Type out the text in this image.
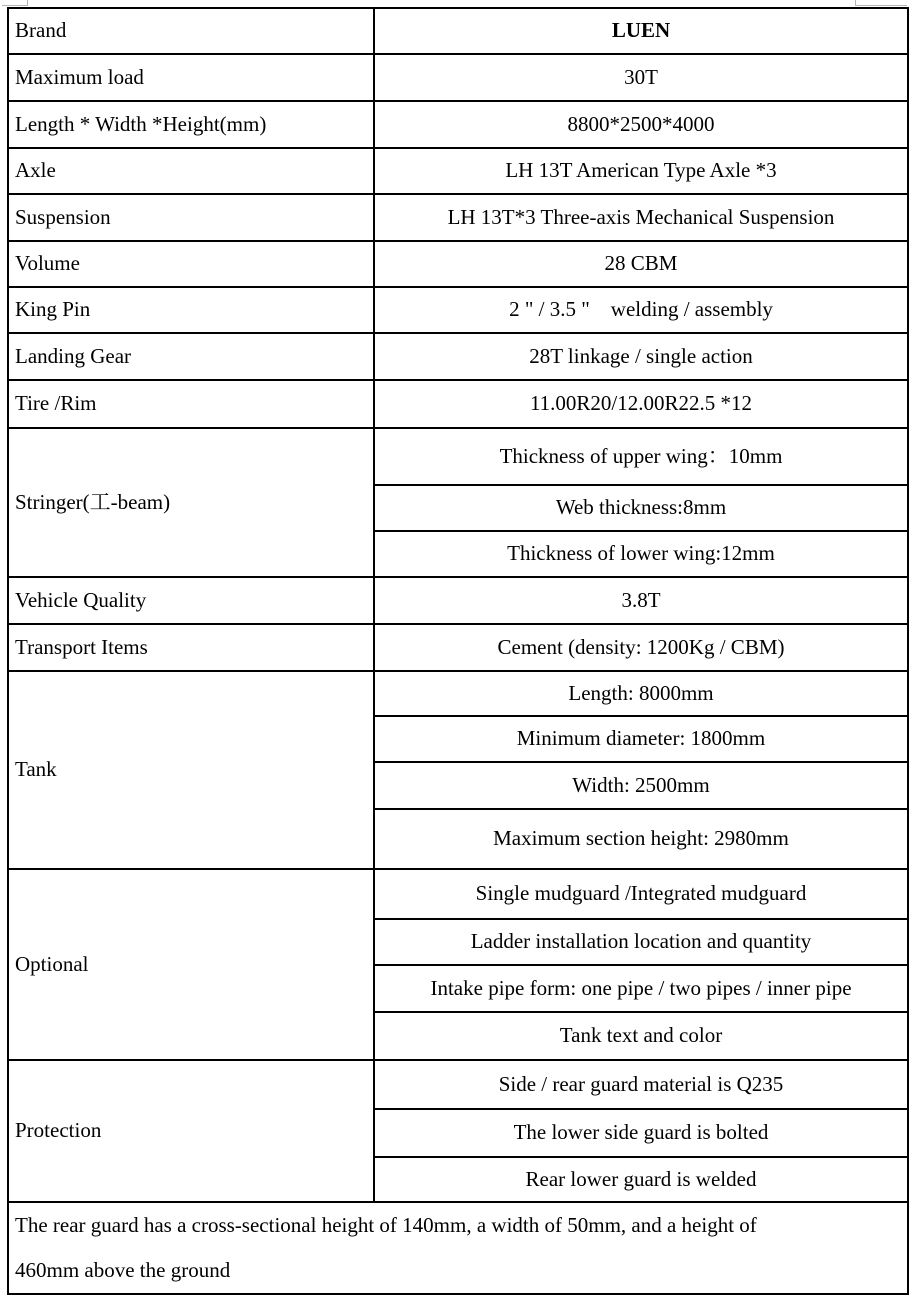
Brand	LUEN
Maximum load	30T
Length * Width *Height(mm)	8800*2500*4000
Axle	LH 13T American Type Axle *3
Suspension	LH 13T*3 Three-axis Mechanical Suspension
Volume	28 CBM
King Pin	2 " / 3.5 "    welding / assembly
Landing Gear	28T linkage / single action
Tire /Rim	11.00R20/12.00R22.5 *12
Stringer(工-beam)	Thickness of upper wing：10mm
	Web thickness:8mm
	Thickness of lower wing:12mm
Vehicle Quality	3.8T
Transport Items	Cement (density: 1200Kg / CBM)
Tank	Length: 8000mm
	Minimum diameter: 1800mm
	Width: 2500mm
	Maximum section height: 2980mm
Optional	Single mudguard /Integrated mudguard
	Ladder installation location and quantity
	Intake pipe form: one pipe / two pipes / inner pipe
	Tank text and color
Protection	Side / rear guard material is Q235
	The lower side guard is bolted
	Rear lower guard is welded

The rear guard has a cross-sectional height of 140mm, a width of 50mm, and a height of
460mm above the ground	
